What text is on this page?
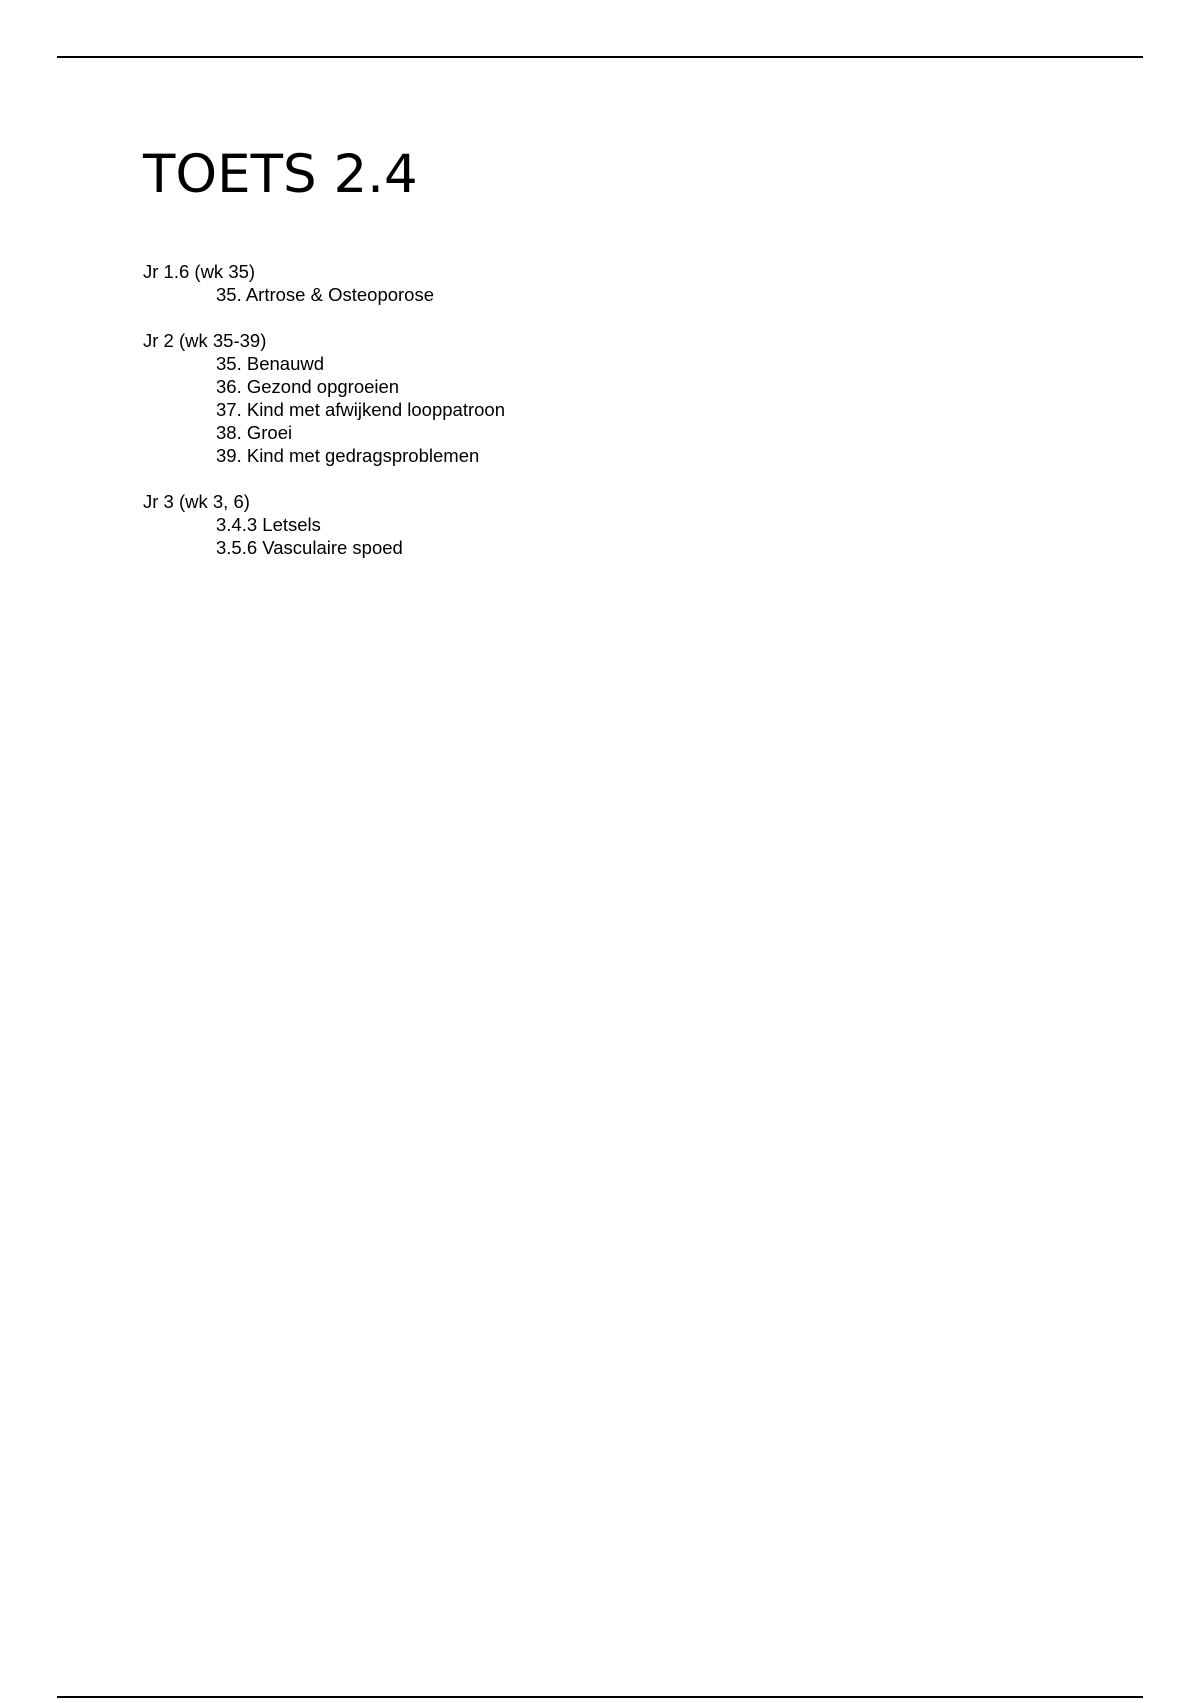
TOETS 2.4
Jr 1.6 (wk 35)
35. Artrose & Osteoporose
Jr 2 (wk 35-39)
35. Benauwd
36. Gezond opgroeien
37. Kind met afwijkend looppatroon
38. Groei
39. Kind met gedragsproblemen
Jr 3 (wk 3, 6)
3.4.3 Letsels
3.5.6 Vasculaire spoed
